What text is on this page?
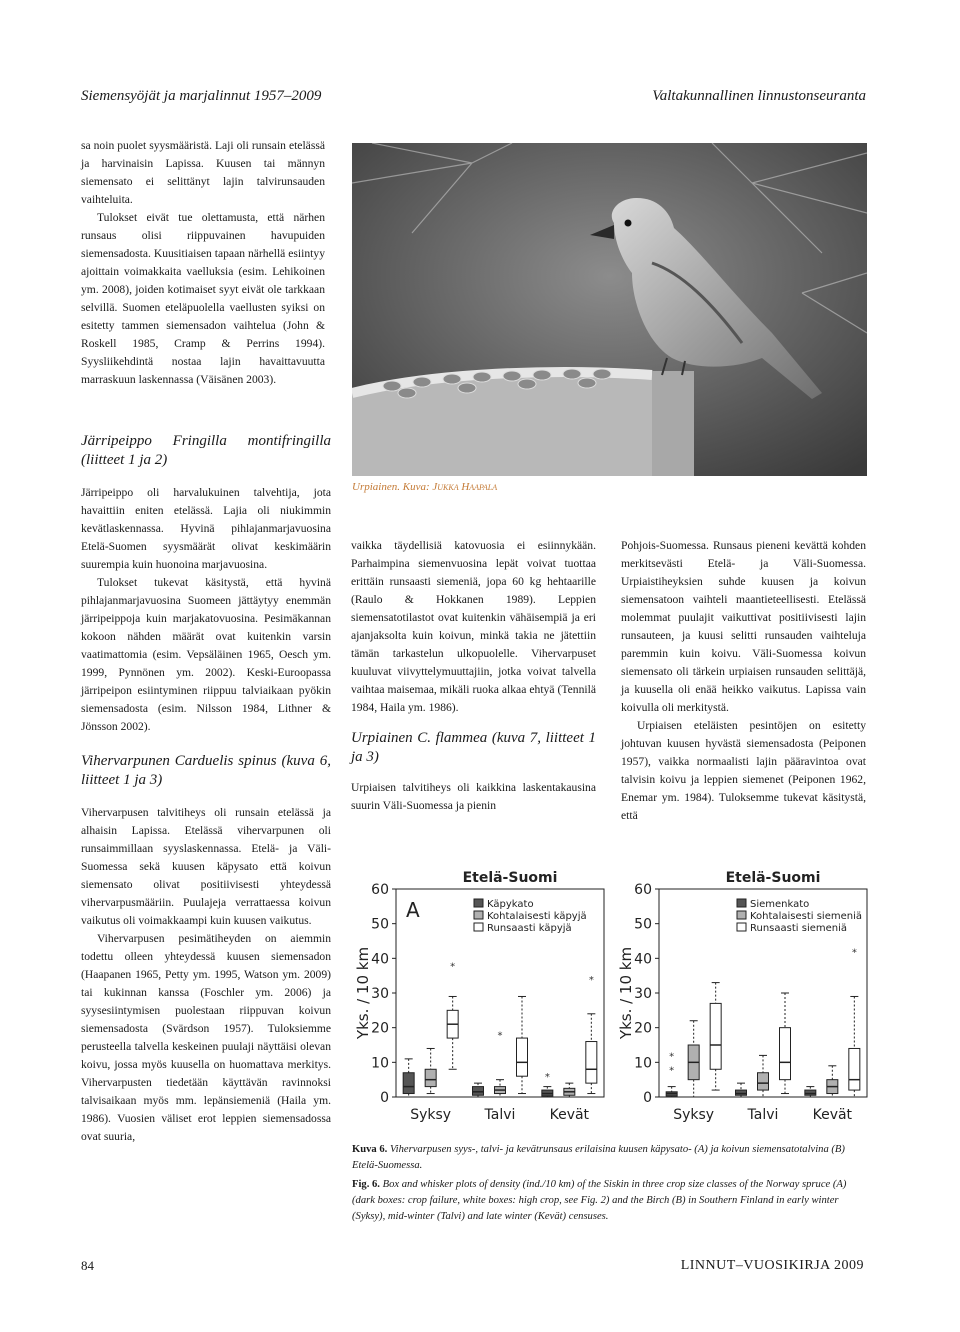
Siemensyöjät ja marjalinnut 1957–2009	Valtakunnallinen linnustonseuranta

sa noin puolet syysmääristä. Laji oli runsain etelässä ja harvinaisin Lapissa. Kuusen tai männyn siemensato ei selittänyt lajin talvirunsauden vaihteluita.

Tulokset eivät tue olettamusta, että närhen runsaus olisi riippuvainen havupuiden siemensadosta. Kuusitiaisen tapaan närhellä esiintyy ajoittain voimakkaita vaelluksia (esim. Lehikoinen ym. 2008), joiden kotimaiset syyt eivät ole tarkkaan selvillä. Suomen eteläpuolella vaellusten syiksi on esitetty tammen siemensadon vaihtelua (John & Roskell 1985, Cramp & Perrins 1994). Syysliikehdintä nostaa lajin havaittavuutta marraskuun laskennassa (Väisänen 2003).

Järripeippo Fringilla montifringilla (liitteet 1 ja 2)

Järripeippo oli harvalukuinen talvehtija, jota havaittiin eniten etelässä. Lajia oli niukimmin kevätlaskennassa. Hyvinä pihlajanmarjavuosina Etelä-Suomen syysmäärät olivat keskimäärin suurempia kuin huonoina marjavuosina.

Tulokset tukevat käsitystä, että hyvinä pihlajanmarjavuosina Suomeen jättäytyy enemmän järripeippoja kuin marjakatovuosina. Pesimäkannan kokoon nähden määrät ovat kuitenkin varsin vaatimattomia (esim. Vepsäläinen 1965, Oesch ym. 1999, Pynnönen ym. 2002). Keski-Euroopassa järripeipon esiintyminen riippuu talviaikaan pyökin siemensadosta (esim. Nilsson 1984, Lithner & Jönsson 2002).

Vihervarpunen Carduelis spinus (kuva 6, liitteet 1 ja 3)

Vihervarpusen talvitiheys oli runsain etelässä ja alhaisin Lapissa. Etelässä vihervarpunen oli runsaimmillaan syyslaskennassa. Etelä- ja Väli-Suomessa sekä kuusen käpysato että koivun siemensato olivat positiivisesti yhteydessä vihervarpusmääriin. Puulajeja verrattaessa koivun vaikutus oli voimakkaampi kuin kuusen vaikutus.

Vihervarpusen pesimätiheyden on aiemmin todettu olleen yhteydessä kuusen siemensadon (Haapanen 1965, Petty ym. 1995, Watson ym. 2009) tai kukinnan kanssa (Foschler ym. 2006) ja syysesiintymisen puolestaan riippuvan koivun siemensadosta (Svärdson 1957). Tuloksiemme perusteella talvella keskeinen puulaji näyttäisi olevan koivu, jossa myös kuusella on huomattava merkitys. Vihervarpusten tiedetään käyttävän ravinnoksi talvisaikaan myös mm. lepänsiemeniä (Haila ym. 1986). Vuosien väliset erot leppien siemensadossa ovat suuria,

Urpiainen. Kuva: Jukka Haapala

vaikka täydellisiä katovuosia ei esiinnykään. Parhaimpina siemenvuosina lepät voivat tuottaa erittäin runsaasti siemeniä, jopa 60 kg hehtaarille (Raulo & Hokkanen 1989). Leppien siemensatotilastot ovat kuitenkin vähäisempiä ja eri ajanjaksolta kuin koivun, minkä takia ne jätettiin tämän tarkastelun ulkopuolelle. Vihervarpuset kuuluvat viivyttelymuuttajiin, jotka voivat talvella vaihtaa maisemaa, mikäli ruoka alkaa ehtyä (Tennilä 1984, Haila ym. 1986).

Urpiainen C. flammea (kuva 7, liitteet 1 ja 3)

Urpiaisen talvitiheys oli kaikkina laskentakausina suurin Väli-Suomessa ja pienin

Pohjois-Suomessa. Runsaus pieneni kevättä kohden merkitsevästi Etelä- ja Väli-Suomessa. Urpiaistiheyksien suhde kuusen ja koivun siemensatoon vaihteli maantieteellisesti. Etelässä molemmat puulajit vaikuttivat positiivisesti lajin runsauteen, ja kuusi selitti runsauden vaihteluja paremmin kuin koivu. Väli-Suomessa koivun siemensato oli tärkein urpiaisen runsauden selittäjä, ja kuusella oli enää heikko vaikutus. Lapissa vain koivulla oli merkitystä.

Urpiaisen eteläisten pesintöjen on esitetty johtuvan kuusen hyvästä siemensadosta (Peiponen 1957), vaikka normaalisti lajin pääravintoa ovat talvisin koivu ja leppien siemenet (Peiponen 1962, Enemar ym. 1984). Tuloksemme tukevat käsitystä, että

0
10
20
30
40
50
60
Yks. / 10 km
Etelä-Suomi
A
Syksy Talvi Kevät
*
*
*
*
Käpykato
Kohtalaisesti käpyjä
Runsaasti käpyjä
0
10
20
30
40
50
60
Yks. / 10 km
Etelä-Suomi
Syksy Talvi Kevät
*
*
*
Siemenkato
Kohtalaisesti siemeniä
Runsaasti siemeniä

Kuva 6. Vihervarpusen syys-, talvi- ja kevätrunsaus erilaisina kuusen käpysato- (A) ja koivun siemensatotalvina (B) Etelä-Suomessa.

Fig. 6. Box and whisker plots of density (ind./10 km) of the Siskin in three crop size classes of the Norway spruce (A) (dark boxes: crop failure, white boxes: high crop, see Fig. 2) and the Birch (B) in Southern Finland in early winter (Syksy), mid-winter (Talvi) and late winter (Kevät) censuses.

84	LINNUT–VUOSIKIRJA 2009
